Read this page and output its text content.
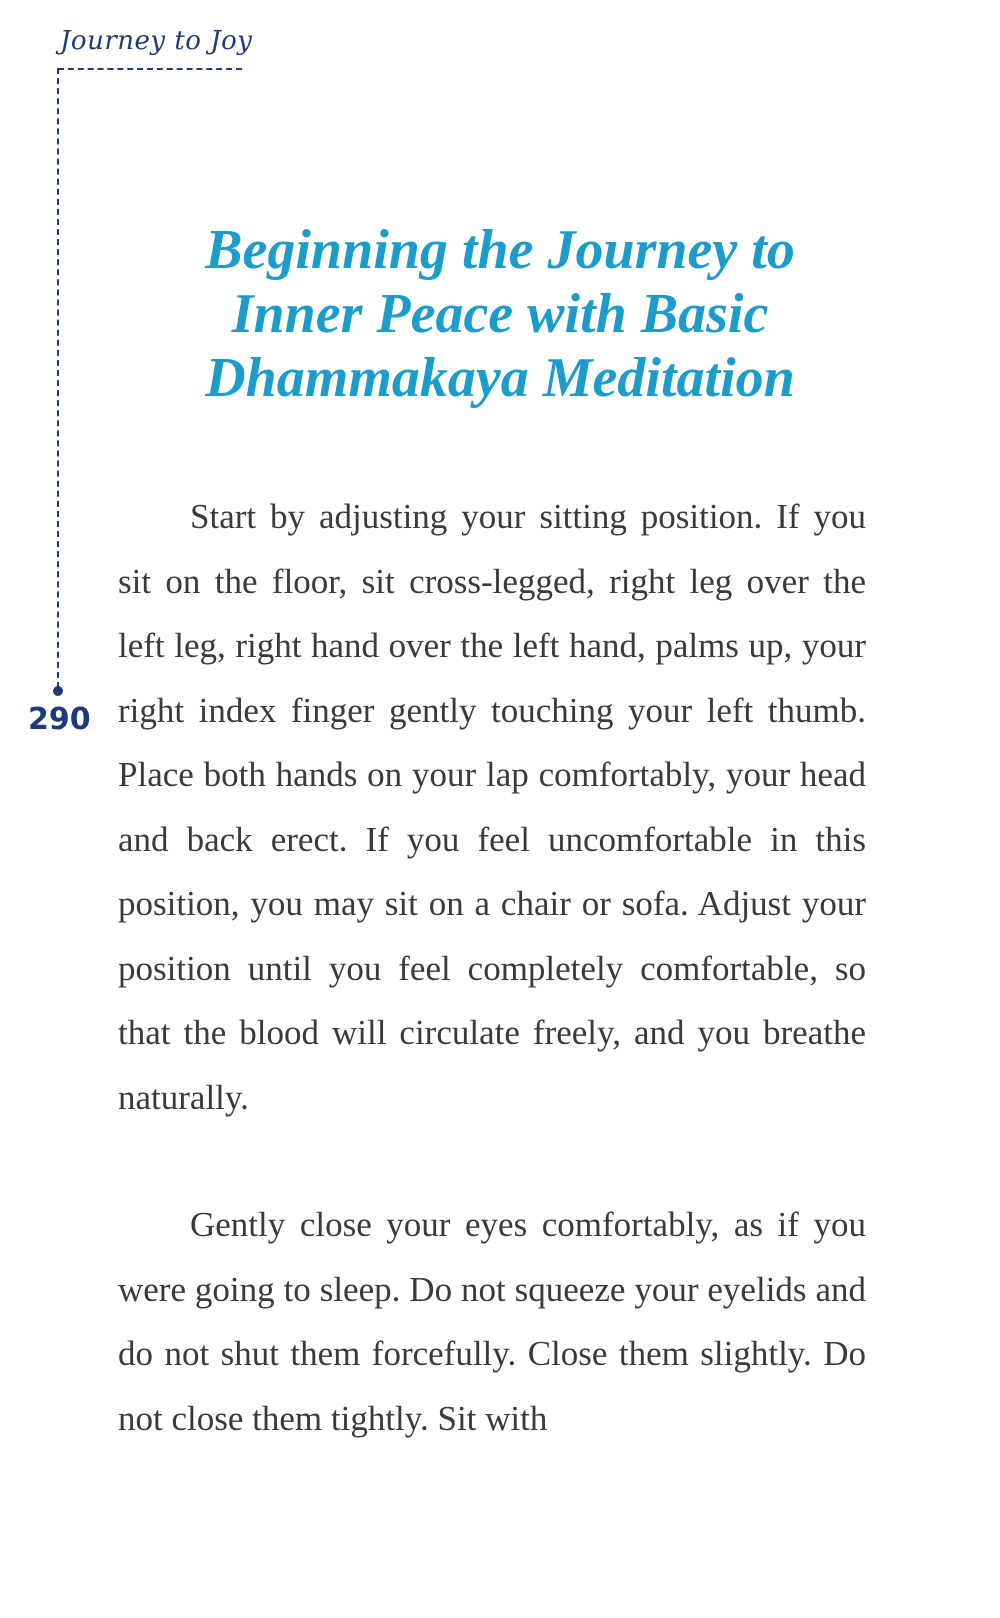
Journey to Joy
290
Beginning the Journey to
Inner Peace with Basic
Dhammakaya Meditation

Start by adjusting your sitting position. If you sit on the floor, sit cross-legged, right leg over the left leg, right hand over the left hand, palms up, your right index finger gently touching your left thumb. Place both hands on your lap comfortably, your head and back erect. If you feel uncomfortable in this position, you may sit on a chair or sofa. Adjust your position until you feel completely comfortable, so that the blood will circulate freely, and you breathe naturally.

Gently close your eyes comfortably, as if you were going to sleep. Do not squeeze your eyelids and do not shut them forcefully. Close them slightly. Do not close them tightly. Sit with
